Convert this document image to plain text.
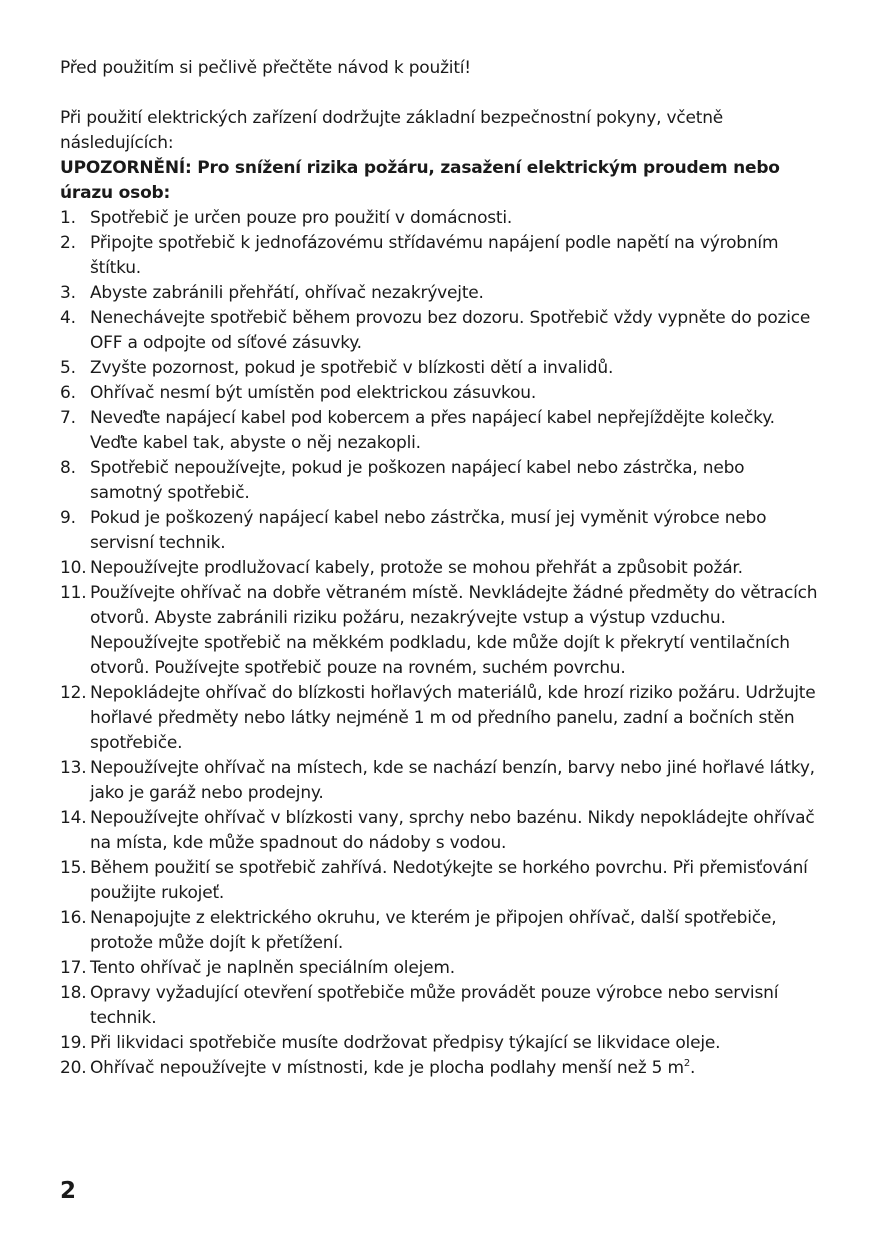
Před použitím si pečlivě přečtěte návod k použití!

Při použití elektrických zařízení dodržujte základní bezpečnostní pokyny, včetně následujících:

UPOZORNĚNÍ: Pro snížení rizika požáru, zasažení elektrickým proudem nebo úrazu osob:

1. Spotřebič je určen pouze pro použití v domácnosti.
2. Připojte spotřebič k jednofázovému střídavému napájení podle napětí na výrobním štítku.
3. Abyste zabránili přehřátí, ohřívač nezakrývejte.
4. Nenechávejte spotřebič během provozu bez dozoru. Spotřebič vždy vypněte do pozice OFF a odpojte od síťové zásuvky.
5. Zvyšte pozornost, pokud je spotřebič v blízkosti dětí a invalidů.
6. Ohřívač nesmí být umístěn pod elektrickou zásuvkou.
7. Neveďte napájecí kabel pod kobercem a přes napájecí kabel nepřejíždějte kolečky. Veďte kabel tak, abyste o něj nezakopli.
8. Spotřebič nepoužívejte, pokud je poškozen napájecí kabel nebo zástrčka, nebo samotný spotřebič.
9. Pokud je poškozený napájecí kabel nebo zástrčka, musí jej vyměnit výrobce nebo servisní technik.
10. Nepoužívejte prodlužovací kabely, protože se mohou přehřát a způsobit požár.
11. Používejte ohřívač na dobře větraném místě. Nevkládejte žádné předměty do větracích otvorů. Abyste zabránili riziku požáru, nezakrývejte vstup a výstup vzduchu. Nepoužívejte spotřebič na měkkém podkladu, kde může dojít k překrytí ventilačních otvorů. Používejte spotřebič pouze na rovném, suchém povrchu.
12. Nepokládejte ohřívač do blízkosti hořlavých materiálů, kde hrozí riziko požáru. Udržujte hořlavé předměty nebo látky nejméně 1 m od předního panelu, zadní a bočních stěn spotřebiče.
13. Nepoužívejte ohřívač na místech, kde se nachází benzín, barvy nebo jiné hořlavé látky, jako je garáž nebo prodejny.
14. Nepoužívejte ohřívač v blízkosti vany, sprchy nebo bazénu. Nikdy nepokládejte ohřívač na místa, kde může spadnout do nádoby s vodou.
15. Během použití se spotřebič zahřívá. Nedotýkejte se horkého povrchu. Při přemisťování použijte rukojeť.
16. Nenapojujte z elektrického okruhu, ve kterém je připojen ohřívač, další spotřebiče, protože může dojít k přetížení.
17. Tento ohřívač je naplněn speciálním olejem.
18. Opravy vyžadující otevření spotřebiče může provádět pouze výrobce nebo servisní technik.
19. Při likvidaci spotřebiče musíte dodržovat předpisy týkající se likvidace oleje.
20. Ohřívač nepoužívejte v místnosti, kde je plocha podlahy menší než 5 $m^2$.
2
